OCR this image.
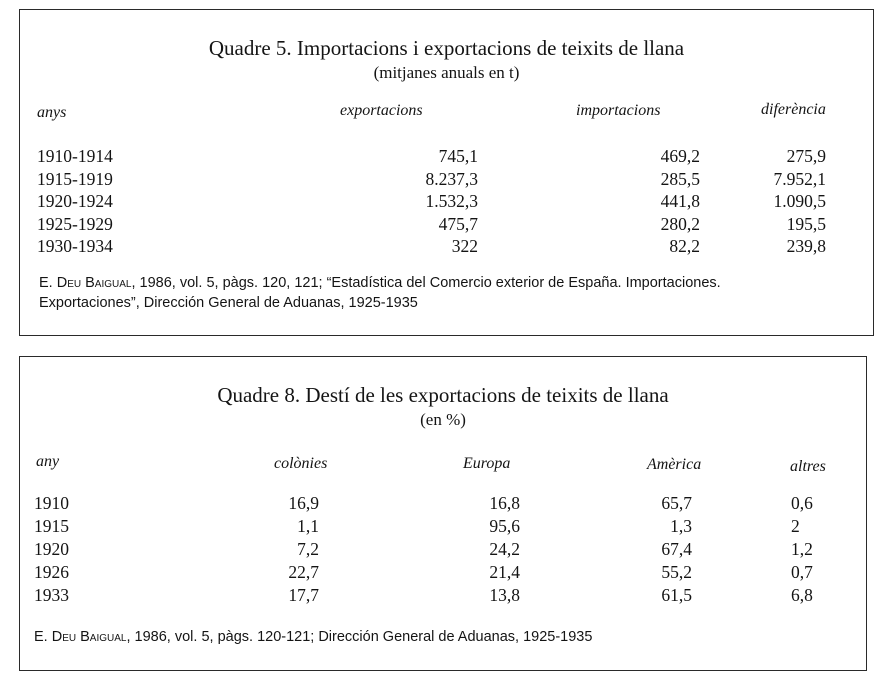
Quadre 5. Importacions i exportacions de teixits de llana
(mitjanes anuals en t)
anys	exportacions	importacions	diferència
1910-1914	745,1	469,2	275,9
1915-1919	8.237,3	285,5	7.952,1
1920-1924	1.532,3	441,8	1.090,5
1925-1929	475,7	280,2	195,5
1930-1934	322	82,2	239,8
E. Deu Baigual, 1986, vol. 5, pàgs. 120, 121; “Estadística del Comercio exterior de España. Importaciones.
Exportaciones”, Dirección General de Aduanas, 1925-1935
Quadre 8. Destí de les exportacions de teixits de llana
(en %)
any	colònies	Europa	Amèrica	altres
1910	16,9	16,8	65,7	0,6
1915	1,1	95,6	1,3	2
1920	7,2	24,2	67,4	1,2
1926	22,7	21,4	55,2	0,7
1933	17,7	13,8	61,5	6,8
E. Deu Baigual, 1986, vol. 5, pàgs. 120-121; Dirección General de Aduanas, 1925-1935
